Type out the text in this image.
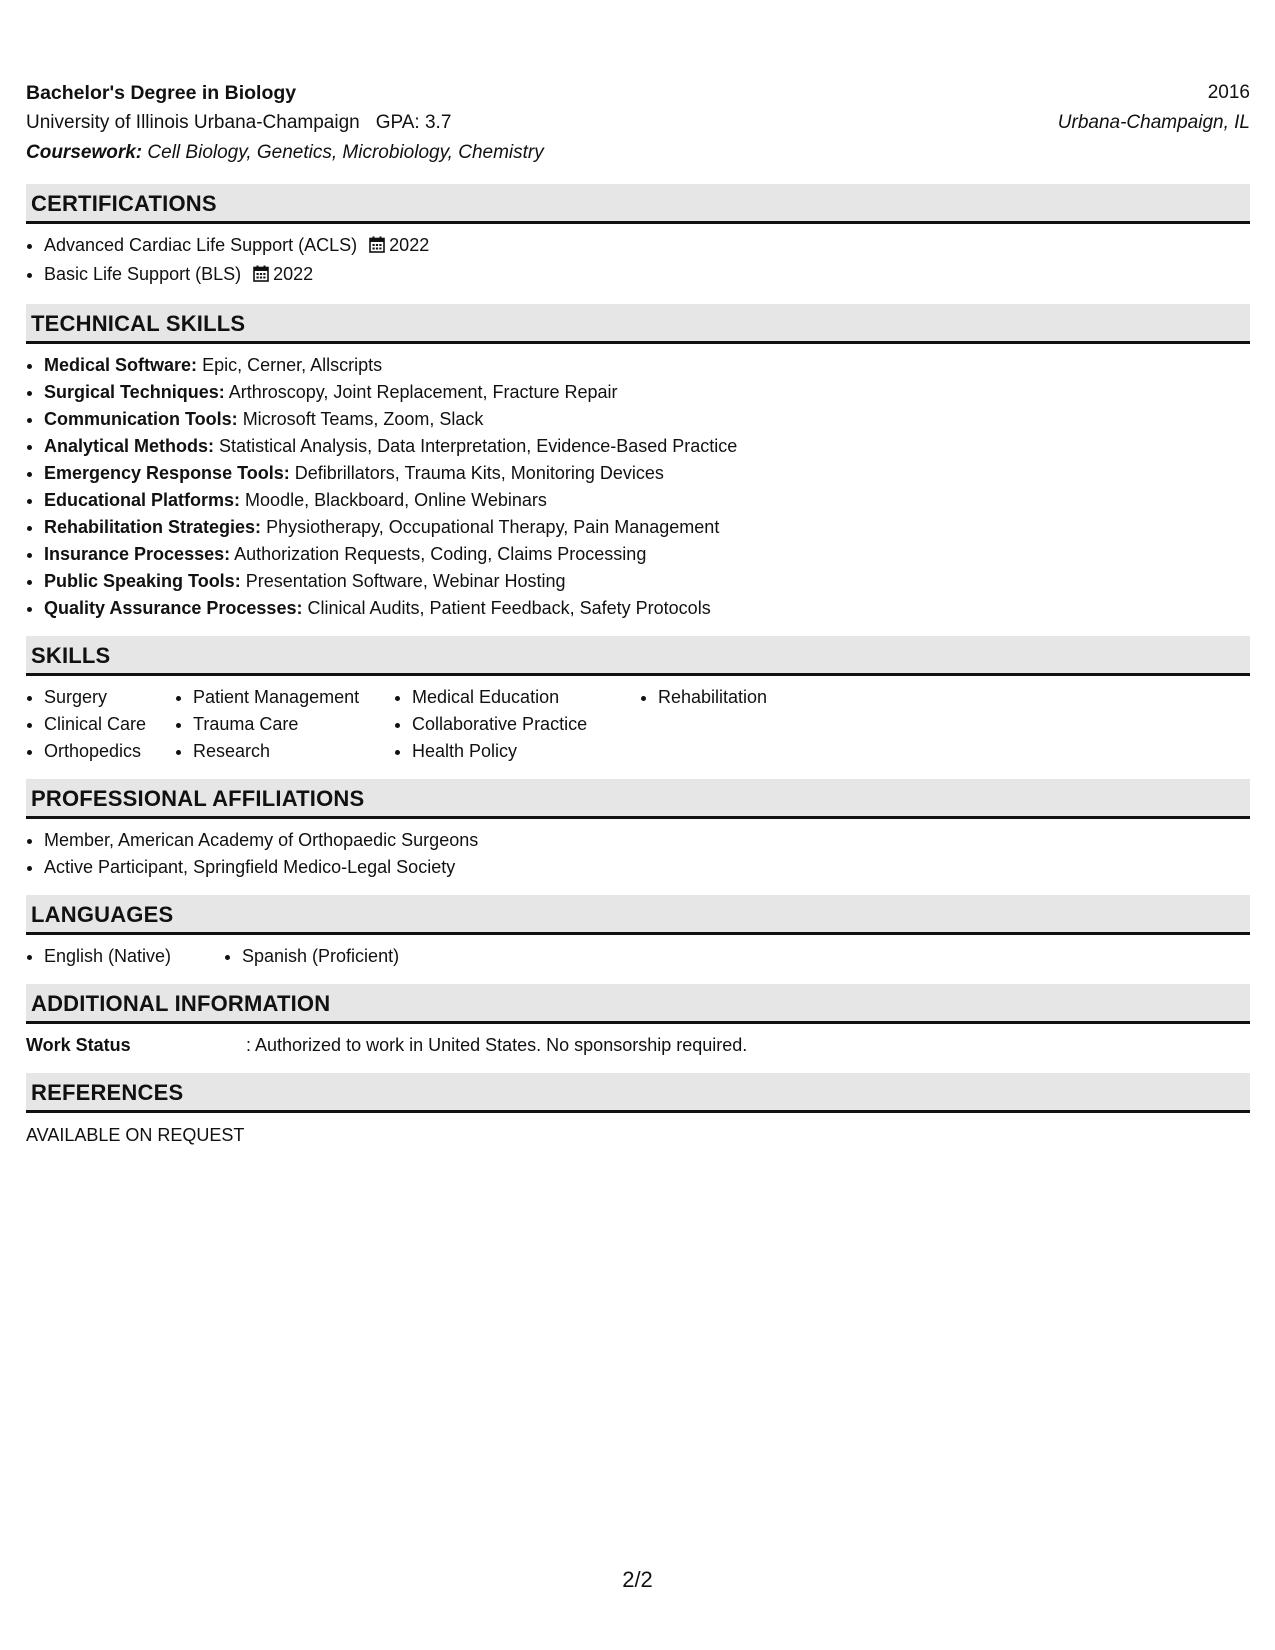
Bachelor's Degree in Biology	2016
University of Illinois Urbana-Champaign GPA: 3.7	Urbana-Champaign, IL
Coursework: Cell Biology, Genetics, Microbiology, Chemistry
CERTIFICATIONS
• Advanced Cardiac Life Support (ACLS) 2022
• Basic Life Support (BLS) 2022
TECHNICAL SKILLS
• Medical Software: Epic, Cerner, Allscripts
• Surgical Techniques: Arthroscopy, Joint Replacement, Fracture Repair
• Communication Tools: Microsoft Teams, Zoom, Slack
• Analytical Methods: Statistical Analysis, Data Interpretation, Evidence-Based Practice
• Emergency Response Tools: Defibrillators, Trauma Kits, Monitoring Devices
• Educational Platforms: Moodle, Blackboard, Online Webinars
• Rehabilitation Strategies: Physiotherapy, Occupational Therapy, Pain Management
• Insurance Processes: Authorization Requests, Coding, Claims Processing
• Public Speaking Tools: Presentation Software, Webinar Hosting
• Quality Assurance Processes: Clinical Audits, Patient Feedback, Safety Protocols
SKILLS
• Surgery
• Clinical Care
• Orthopedics
• Patient Management
• Trauma Care
• Research
• Medical Education
• Collaborative Practice
• Health Policy
• Rehabilitation
PROFESSIONAL AFFILIATIONS
• Member, American Academy of Orthopaedic Surgeons
• Active Participant, Springfield Medico-Legal Society
LANGUAGES
• English (Native)
•	Spanish (Proficient)
ADDITIONAL INFORMATION
Work Status	: Authorized to work in United States. No sponsorship required.
REFERENCES
AVAILABLE ON REQUEST
2/2
